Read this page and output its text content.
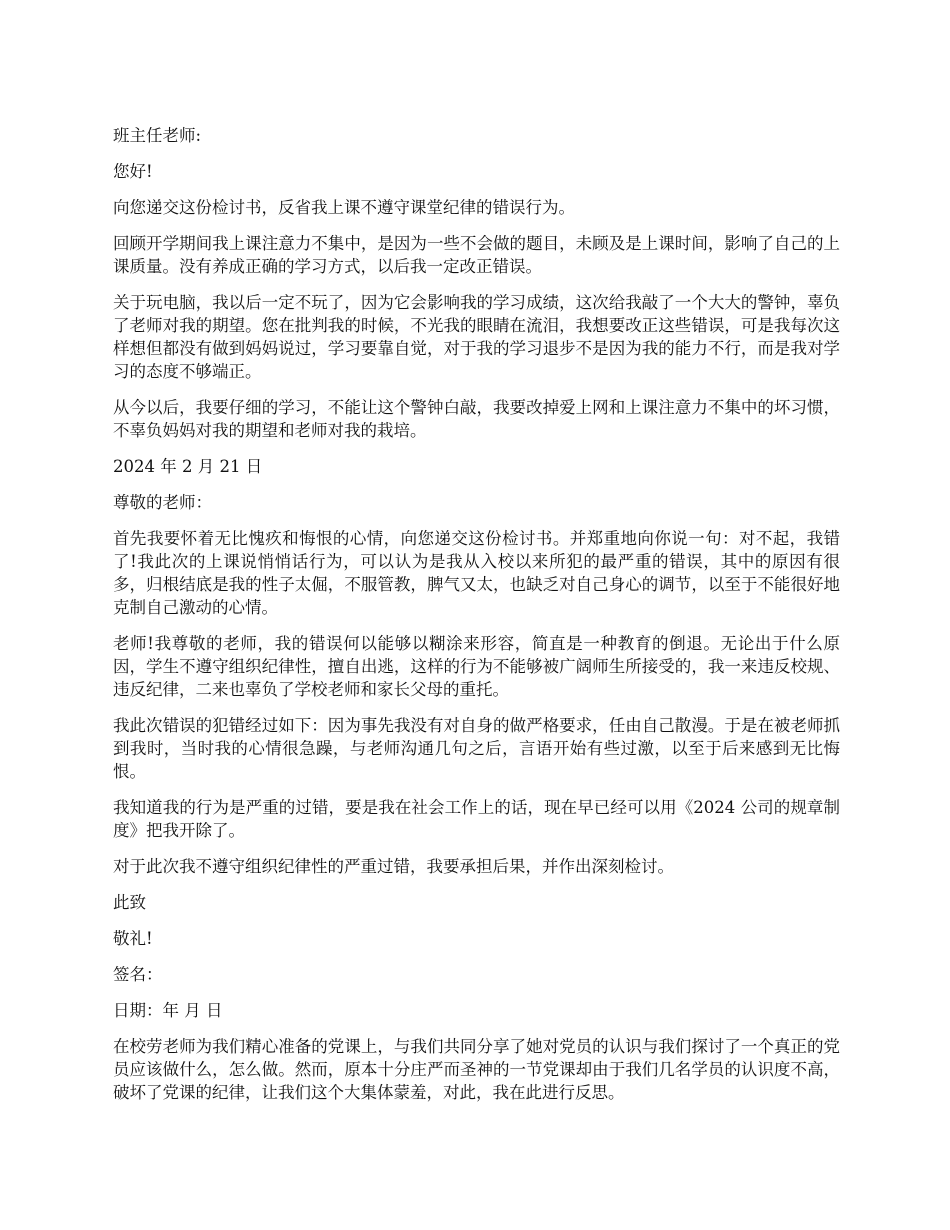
班主任老师:

您好!

向您递交这份检讨书，反省我上课不遵守课堂纪律的错误行为。

回顾开学期间我上课注意力不集中，是因为一些不会做的题目，未顾及是上课时间，影响了自己的上课质量。没有养成正确的学习方式，以后我一定改正错误。

关于玩电脑，我以后一定不玩了，因为它会影响我的学习成绩，这次给我敲了一个大大的警钟，辜负了老师对我的期望。您在批判我的时候，不光我的眼睛在流泪，我想要改正这些错误，可是我每次这样想但都没有做到妈妈说过，学习要靠自觉，对于我的学习退步不是因为我的能力不行，而是我对学习的态度不够端正。

从今以后，我要仔细的学习，不能让这个警钟白敲，我要改掉爱上网和上课注意力不集中的坏习惯，不辜负妈妈对我的期望和老师对我的栽培。

2024 年 2 月 21 日

尊敬的老师：

首先我要怀着无比愧疚和悔恨的心情，向您递交这份检讨书。并郑重地向你说一句：对不起，我错了!我此次的上课说悄悄话行为，可以认为是我从入校以来所犯的最严重的错误，其中的原因有很多，归根结底是我的性子太倔，不服管教，脾气又太，也缺乏对自己身心的调节，以至于不能很好地克制自己激动的心情。

老师!我尊敬的老师，我的错误何以能够以糊涂来形容，简直是一种教育的倒退。无论出于什么原因，学生不遵守组织纪律性，擅自出逃，这样的行为不能够被广阔师生所接受的，我一来违反校规、违反纪律，二来也辜负了学校老师和家长父母的重托。

我此次错误的犯错经过如下：因为事先我没有对自身的做严格要求，任由自己散漫。于是在被老师抓到我时，当时我的心情很急躁，与老师沟通几句之后，言语开始有些过激，以至于后来感到无比悔恨。

我知道我的行为是严重的过错，要是我在社会工作上的话，现在早已经可以用《2024 公司的规章制度》把我开除了。

对于此次我不遵守组织纪律性的严重过错，我要承担后果，并作出深刻检讨。

此致

敬礼!

签名：

日期：年 月 日

在校劳老师为我们精心准备的党课上，与我们共同分享了她对党员的认识与我们探讨了一个真正的党员应该做什么，怎么做。然而，原本十分庄严而圣神的一节党课却由于我们几名学员的认识度不高，破坏了党课的纪律，让我们这个大集体蒙羞，对此，我在此进行反思。
